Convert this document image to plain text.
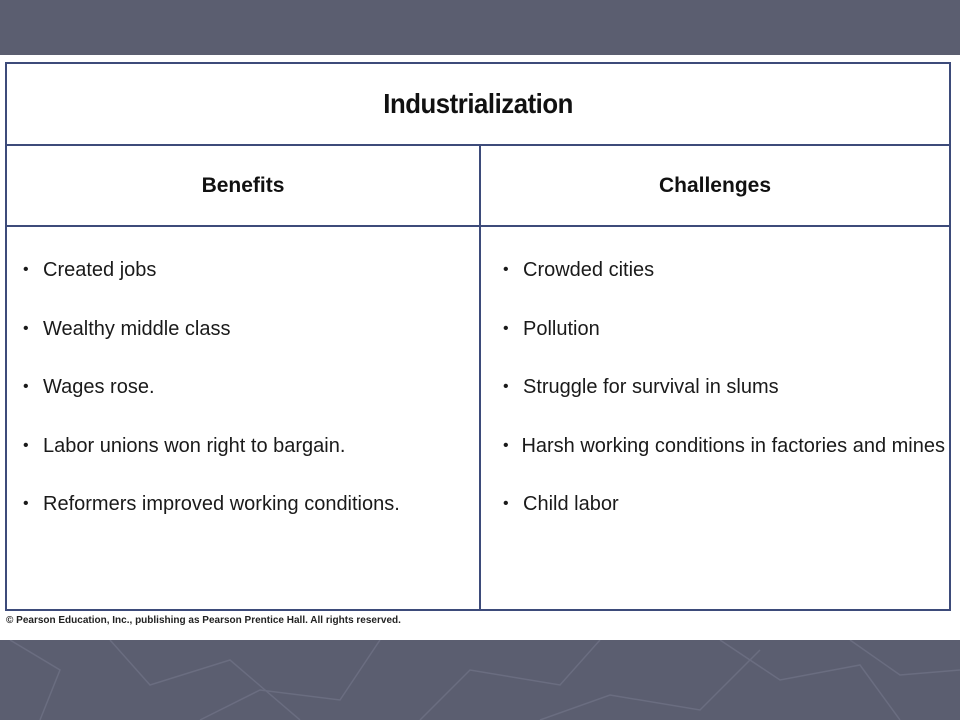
Industrialization
Benefits	Challenges
• Created jobs
• Wealthy middle class
• Wages rose.
• Labor unions won right to bargain.
• Reformers improved working conditions.
• Crowded cities
• Pollution
• Struggle for survival in slums
• Harsh working conditions in factories and mines
• Child labor
© Pearson Education, Inc., publishing as Pearson Prentice Hall. All rights reserved.
